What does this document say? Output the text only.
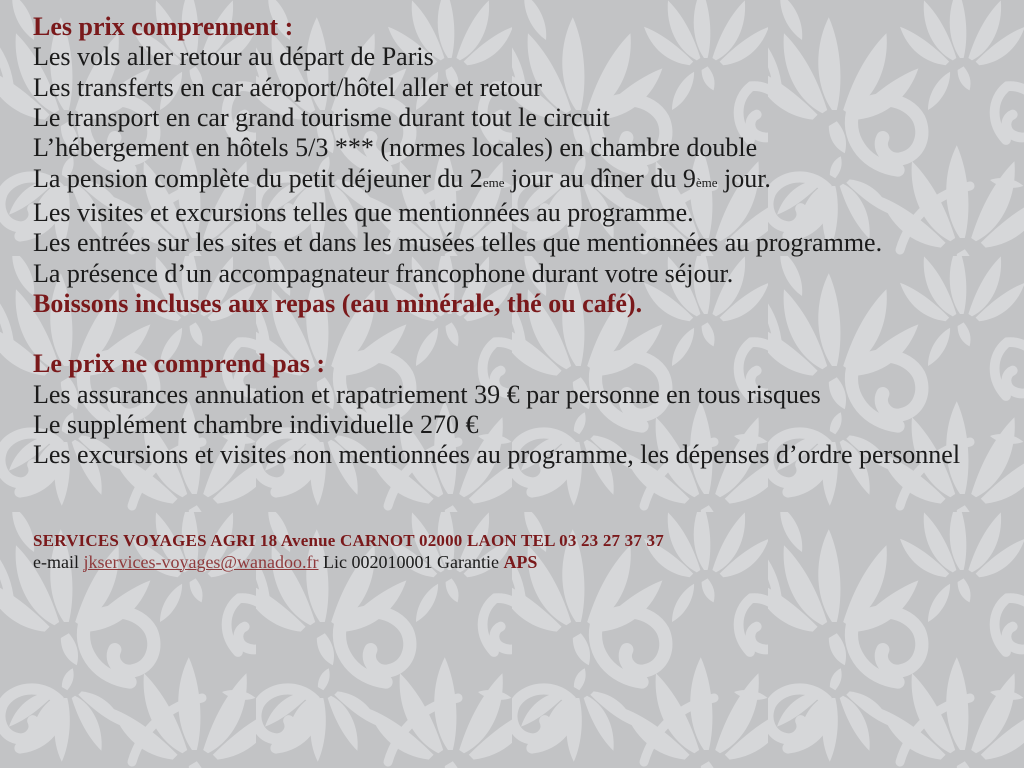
Les prix comprennent :

Les vols aller retour au départ de Paris

Les transferts en car aéroport/hôtel aller et retour

Le transport en car grand tourisme durant tout le circuit

L’hébergement en hôtels 5/3 *** (normes locales) en chambre double

La pension complète du petit déjeuner du 2eme jour au dîner du 9ème jour.

Les visites et excursions telles que mentionnées au programme.

Les entrées sur les sites et dans les musées telles que mentionnées au programme.

La présence d’un accompagnateur francophone durant votre séjour.

Boissons incluses aux repas (eau minérale, thé ou café).

Le prix ne comprend pas :

Les assurances annulation et rapatriement 39 € par personne en tous risques

Le supplément chambre individuelle 270 €

Les excursions et visites non mentionnées au programme, les dépenses d’ordre personnel

SERVICES VOYAGES AGRI 18 Avenue CARNOT 02000 LAON TEL 03 23 27 37 37

e-mail jkservices-voyages@wanadoo.fr Lic 002010001 Garantie APS
